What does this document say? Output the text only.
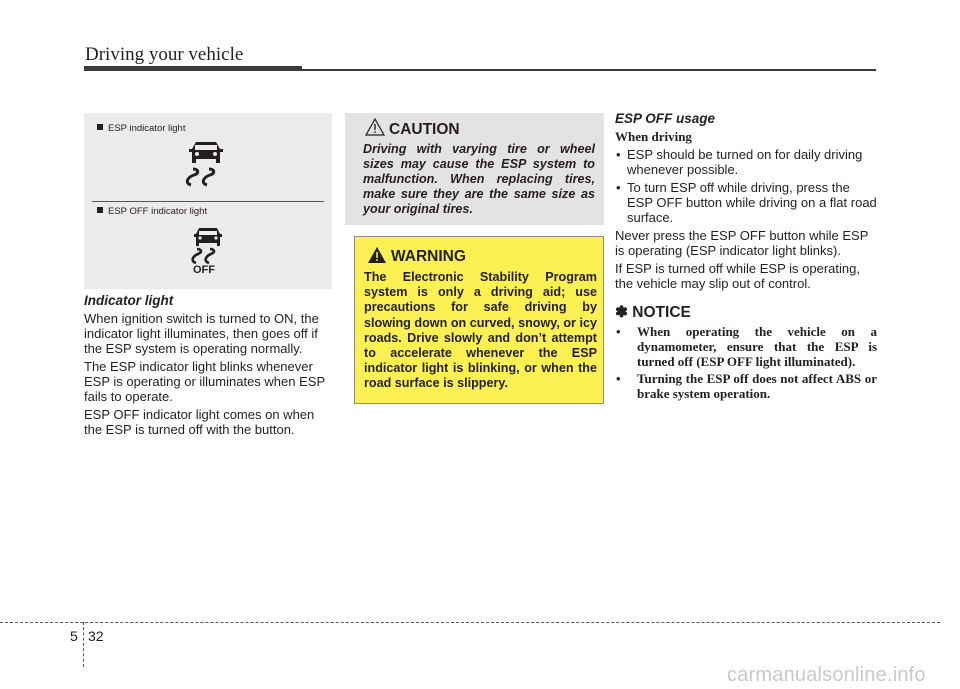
Driving your vehicle
ESP indicator light
ESP OFF indicator light
OFF
Indicator light

When ignition switch is turned to ON, the indicator light illuminates, then goes off if the ESP system is operating normally.

The ESP indicator light blinks whenever ESP is operating or illuminates when ESP fails to operate.

ESP OFF indicator light comes on when the ESP is turned off with the button.

CAUTION
Driving with varying tire or wheel sizes may cause the ESP system to malfunction. When replacing tires, make sure they are the same size as your original tires.
WARNING
The Electronic Stability Program system is only a driving aid; use precautions for safe driving by slowing down on curved, snowy, or icy roads. Drive slowly and don’t attempt to accelerate whenever the ESP indicator light is blinking, or when the road surface is slippery.
ESP OFF usage
When driving
• ESP should be turned on for daily driving whenever possible.
• To turn ESP off while driving, press the ESP OFF button while driving on a flat road surface.

Never press the ESP OFF button while ESP is operating (ESP indicator light blinks).

If ESP is turned off while ESP is operating, the vehicle may slip out of control.

✽ NOTICE
• When operating the vehicle on a dynamometer, ensure that the ESP is turned off (ESP OFF light illuminated).
• Turning the ESP off does not affect ABS or brake system operation.
5 32
carmanualsonline.info
